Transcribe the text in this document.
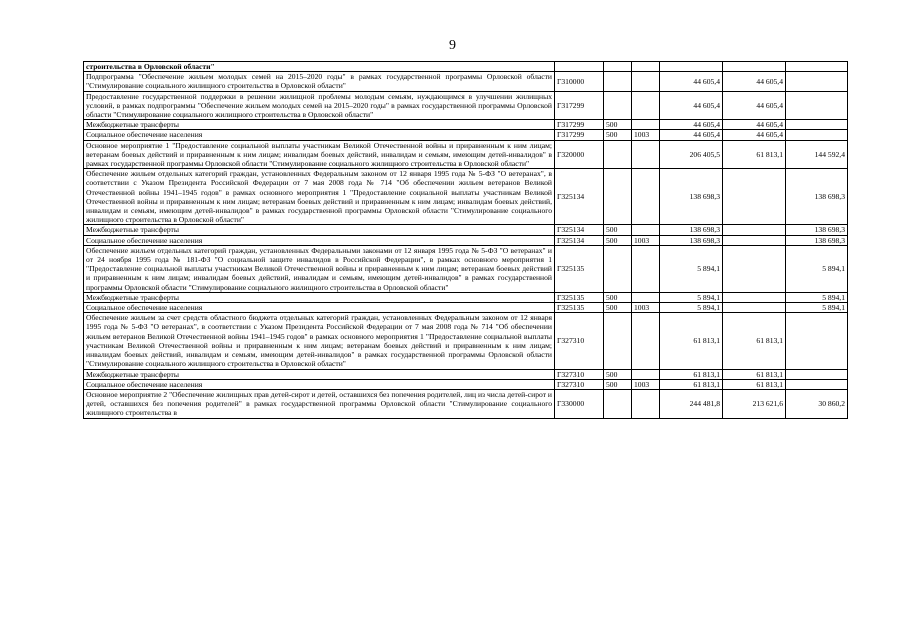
9
строительства в Орловской области"						
Подпрограмма "Обеспечение жильем молодых семей на 2015–2020 годы" в рамках государственной программы Орловской области "Стимулирование социального жилищного строительства в Орловской области"	Г310000			44 605,4	44 605,4	
Предоставление государственной поддержки в решении жилищной проблемы молодым семьям, нуждающимся в улучшении жилищных условий, в рамках подпрограммы "Обеспечение жильем молодых семей на 2015–2020 годы" в рамках государственной программы Орловской области "Стимулирование социального жилищного строительства в Орловской области"	Г317299			44 605,4	44 605,4	
Межбюджетные трансферты	Г317299	500		44 605,4	44 605,4	
Социальное обеспечение населения	Г317299	500	1003	44 605,4	44 605,4	
Основное мероприятие 1 "Предоставление социальной выплаты участникам Великой Отечественной войны и приравненным к ним лицам; ветеранам боевых действий и приравненным к ним лицам; инвалидам боевых действий, инвалидам и семьям, имеющим детей-инвалидов" в рамках государственной программы Орловской области "Стимулирование социального жилищного строительства в Орловской области"	Г320000			206 405,5	61 813,1	144 592,4
Обеспечение жильем отдельных категорий граждан, установленных Федеральным законом от 12 января 1995 года № 5-ФЗ "О ветеранах", в соответствии с Указом Президента Российской Федерации от 7 мая 2008 года № 714 "Об обеспечении жильем ветеранов Великой Отечественной войны 1941–1945 годов" в рамках основного мероприятия 1 "Предоставление социальной выплаты участникам Великой Отечественной войны и приравненным к ним лицам; ветеранам боевых действий и приравненным к ним лицам; инвалидам боевых действий, инвалидам и семьям, имеющим детей-инвалидов" в рамках государственной программы Орловской области "Стимулирование социального жилищного строительства в Орловской области"	Г325134			138 698,3		138 698,3
Межбюджетные трансферты	Г325134	500		138 698,3		138 698,3
Социальное обеспечение населения	Г325134	500	1003	138 698,3		138 698,3
Обеспечение жильем отдельных категорий граждан, установленных Федеральными законами от 12 января 1995 года № 5-ФЗ "О ветеранах" и от 24 ноября 1995 года № 181-ФЗ "О социальной защите инвалидов в Российской Федерации", в рамках основного мероприятия 1 "Предоставление социальной выплаты участникам Великой Отечественной войны и приравненным к ним лицам; ветеранам боевых действий и приравненным к ним лицам; инвалидам боевых действий, инвалидам и семьям, имеющим детей-инвалидов" в рамках государственной программы Орловской области "Стимулирование социального жилищного строительства в Орловской области"	Г325135			5 894,1		5 894,1
Межбюджетные трансферты	Г325135	500		5 894,1		5 894,1
Социальное обеспечение населения	Г325135	500	1003	5 894,1		5 894,1
Обеспечение жильем за счет средств областного бюджета отдельных категорий граждан, установленных Федеральным законом от 12 января 1995 года № 5-ФЗ "О ветеранах", в соответствии с Указом Президента Российской Федерации от 7 мая 2008 года № 714 "Об обеспечении жильем ветеранов Великой Отечественной войны 1941–1945 годов" в рамках основного мероприятия 1 "Предоставление социальной выплаты участникам Великой Отечественной войны и приравненным к ним лицам; ветеранам боевых действий и приравненным к ним лицам; инвалидам боевых действий, инвалидам и семьям, имеющим детей-инвалидов" в рамках государственной программы Орловской области "Стимулирование социального жилищного строительства в Орловской области"	Г327310			61 813,1	61 813,1	
Межбюджетные трансферты	Г327310	500		61 813,1	61 813,1	
Социальное обеспечение населения	Г327310	500	1003	61 813,1	61 813,1	
Основное мероприятие 2 "Обеспечение жилищных прав детей-сирот и детей, оставшихся без попечения родителей, лиц из числа детей-сирот и детей, оставшихся без попечения родителей" в рамках государственной программы Орловской области "Стимулирование социального жилищного строительства в	Г330000			244 481,8	213 621,6	30 860,2
